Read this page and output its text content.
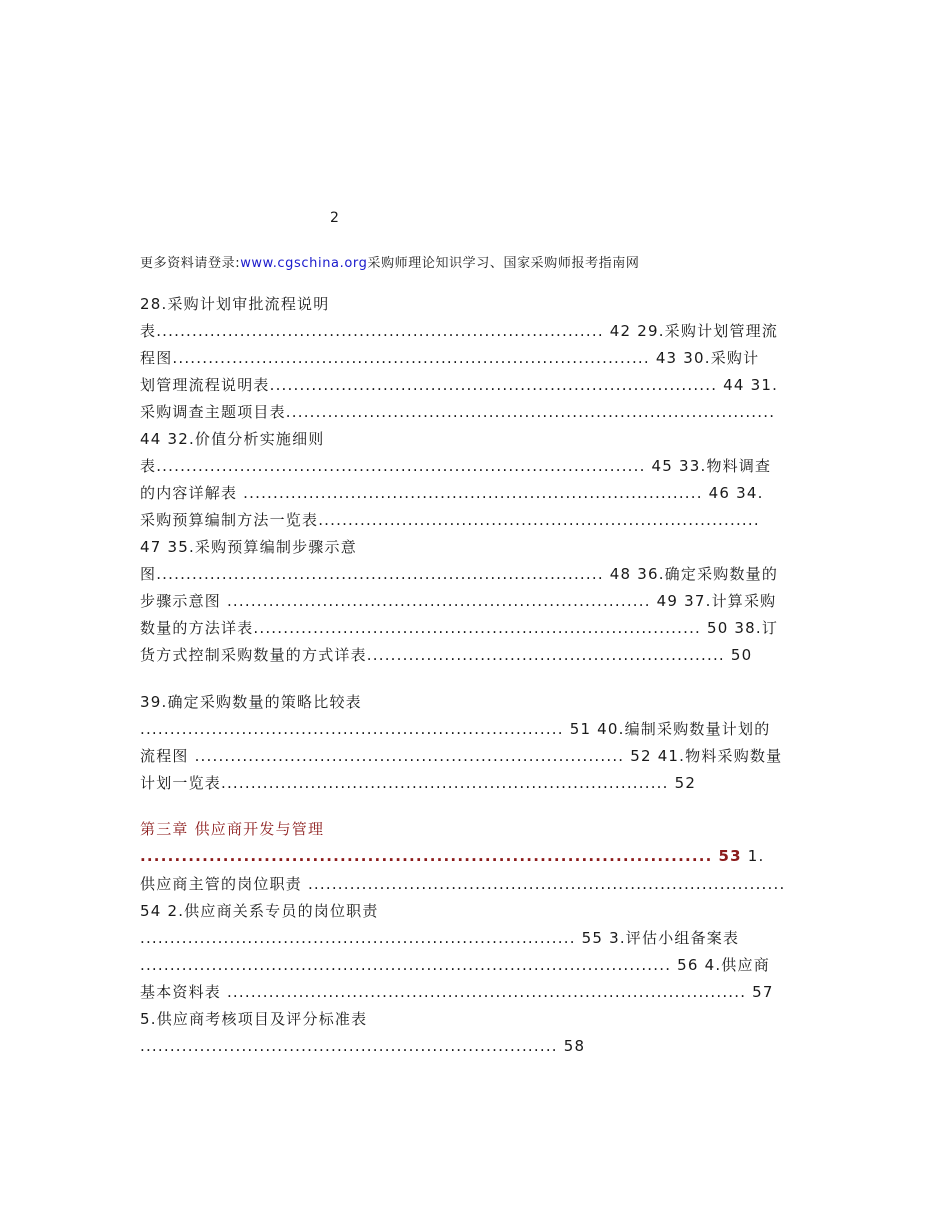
2
更多资料请登录:www.cgschina.org采购师理论知识学习、国家采购师报考指南网
28.采购计划审批流程说明
表........................................................................... 42 29.采购计划管理流
程图................................................................................ 43 30.采购计
划管理流程说明表........................................................................... 44 31.
采购调查主题项目表..................................................................................
44 32.价值分析实施细则
表.................................................................................. 45 33.物料调查
的内容详解表 ............................................................................. 46 34.
采购预算编制方法一览表..........................................................................
47 35.采购预算编制步骤示意
图........................................................................... 48 36.确定采购数量的
步骤示意图 ....................................................................... 49 37.计算采购
数量的方法详表........................................................................... 50 38.订
货方式控制采购数量的方式详表............................................................ 50
39.确定采购数量的策略比较表
....................................................................... 51 40.编制采购数量计划的
流程图 ........................................................................ 52 41.物料采购数量
计划一览表........................................................................... 52
第三章 供应商开发与管理
................................................................................... 53 1.
供应商主管的岗位职责 ................................................................................
54 2.供应商关系专员的岗位职责
......................................................................... 55 3.评估小组备案表
......................................................................................... 56 4.供应商
基本资料表 ....................................................................................... 57
5.供应商考核项目及评分标准表
...................................................................... 58
